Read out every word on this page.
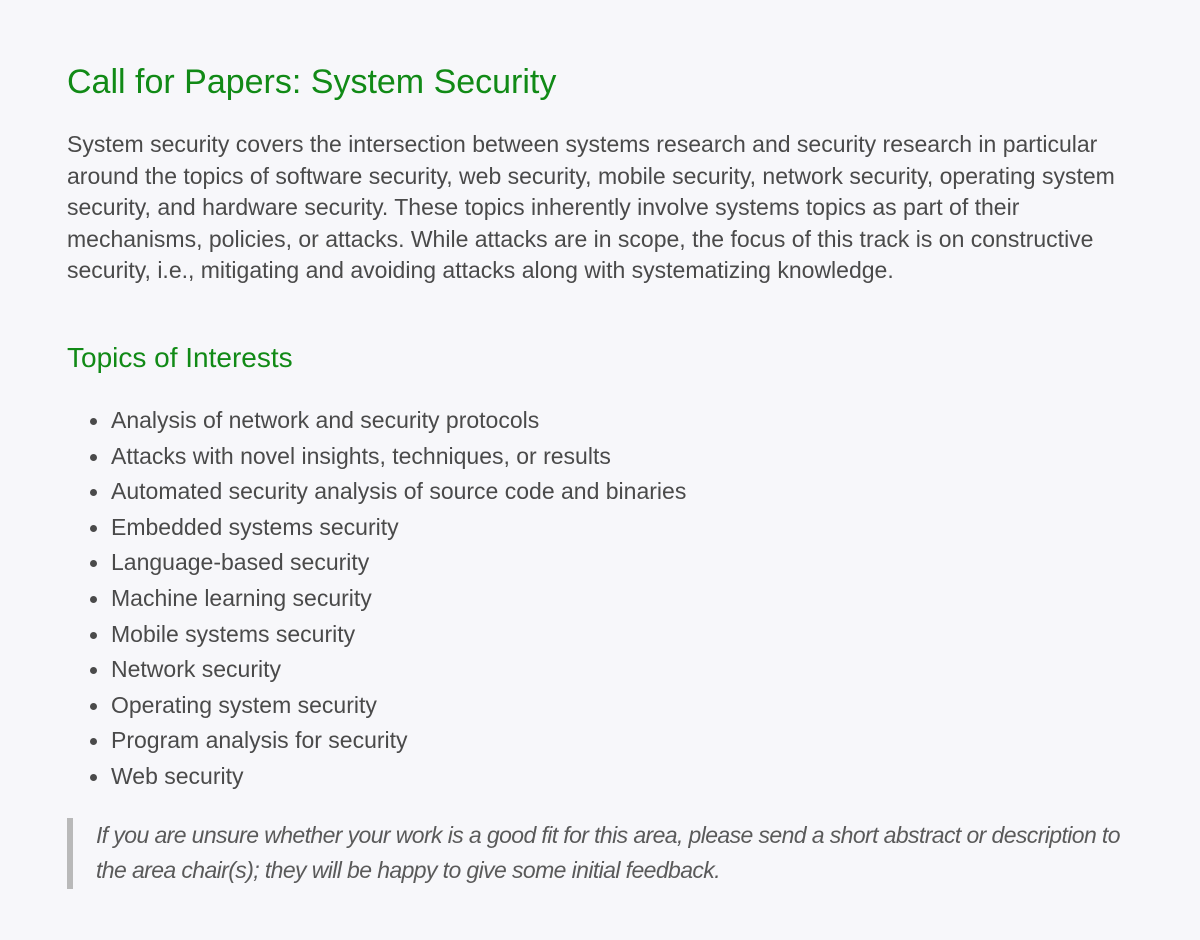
Call for Papers: System Security

System security covers the intersection between systems research and security research in particular around the topics of software security, web security, mobile security, network security, operating system security, and hardware security. These topics inherently involve systems topics as part of their mechanisms, policies, or attacks. While attacks are in scope, the focus of this track is on constructive security, i.e., mitigating and avoiding attacks along with systematizing knowledge.

Topics of Interests
Analysis of network and security protocols
Attacks with novel insights, techniques, or results
Automated security analysis of source code and binaries
Embedded systems security
Language-based security
Machine learning security
Mobile systems security
Network security
Operating system security
Program analysis for security
Web security

If you are unsure whether your work is a good fit for this area, please send a short abstract or description to the area chair(s); they will be happy to give some initial feedback.
